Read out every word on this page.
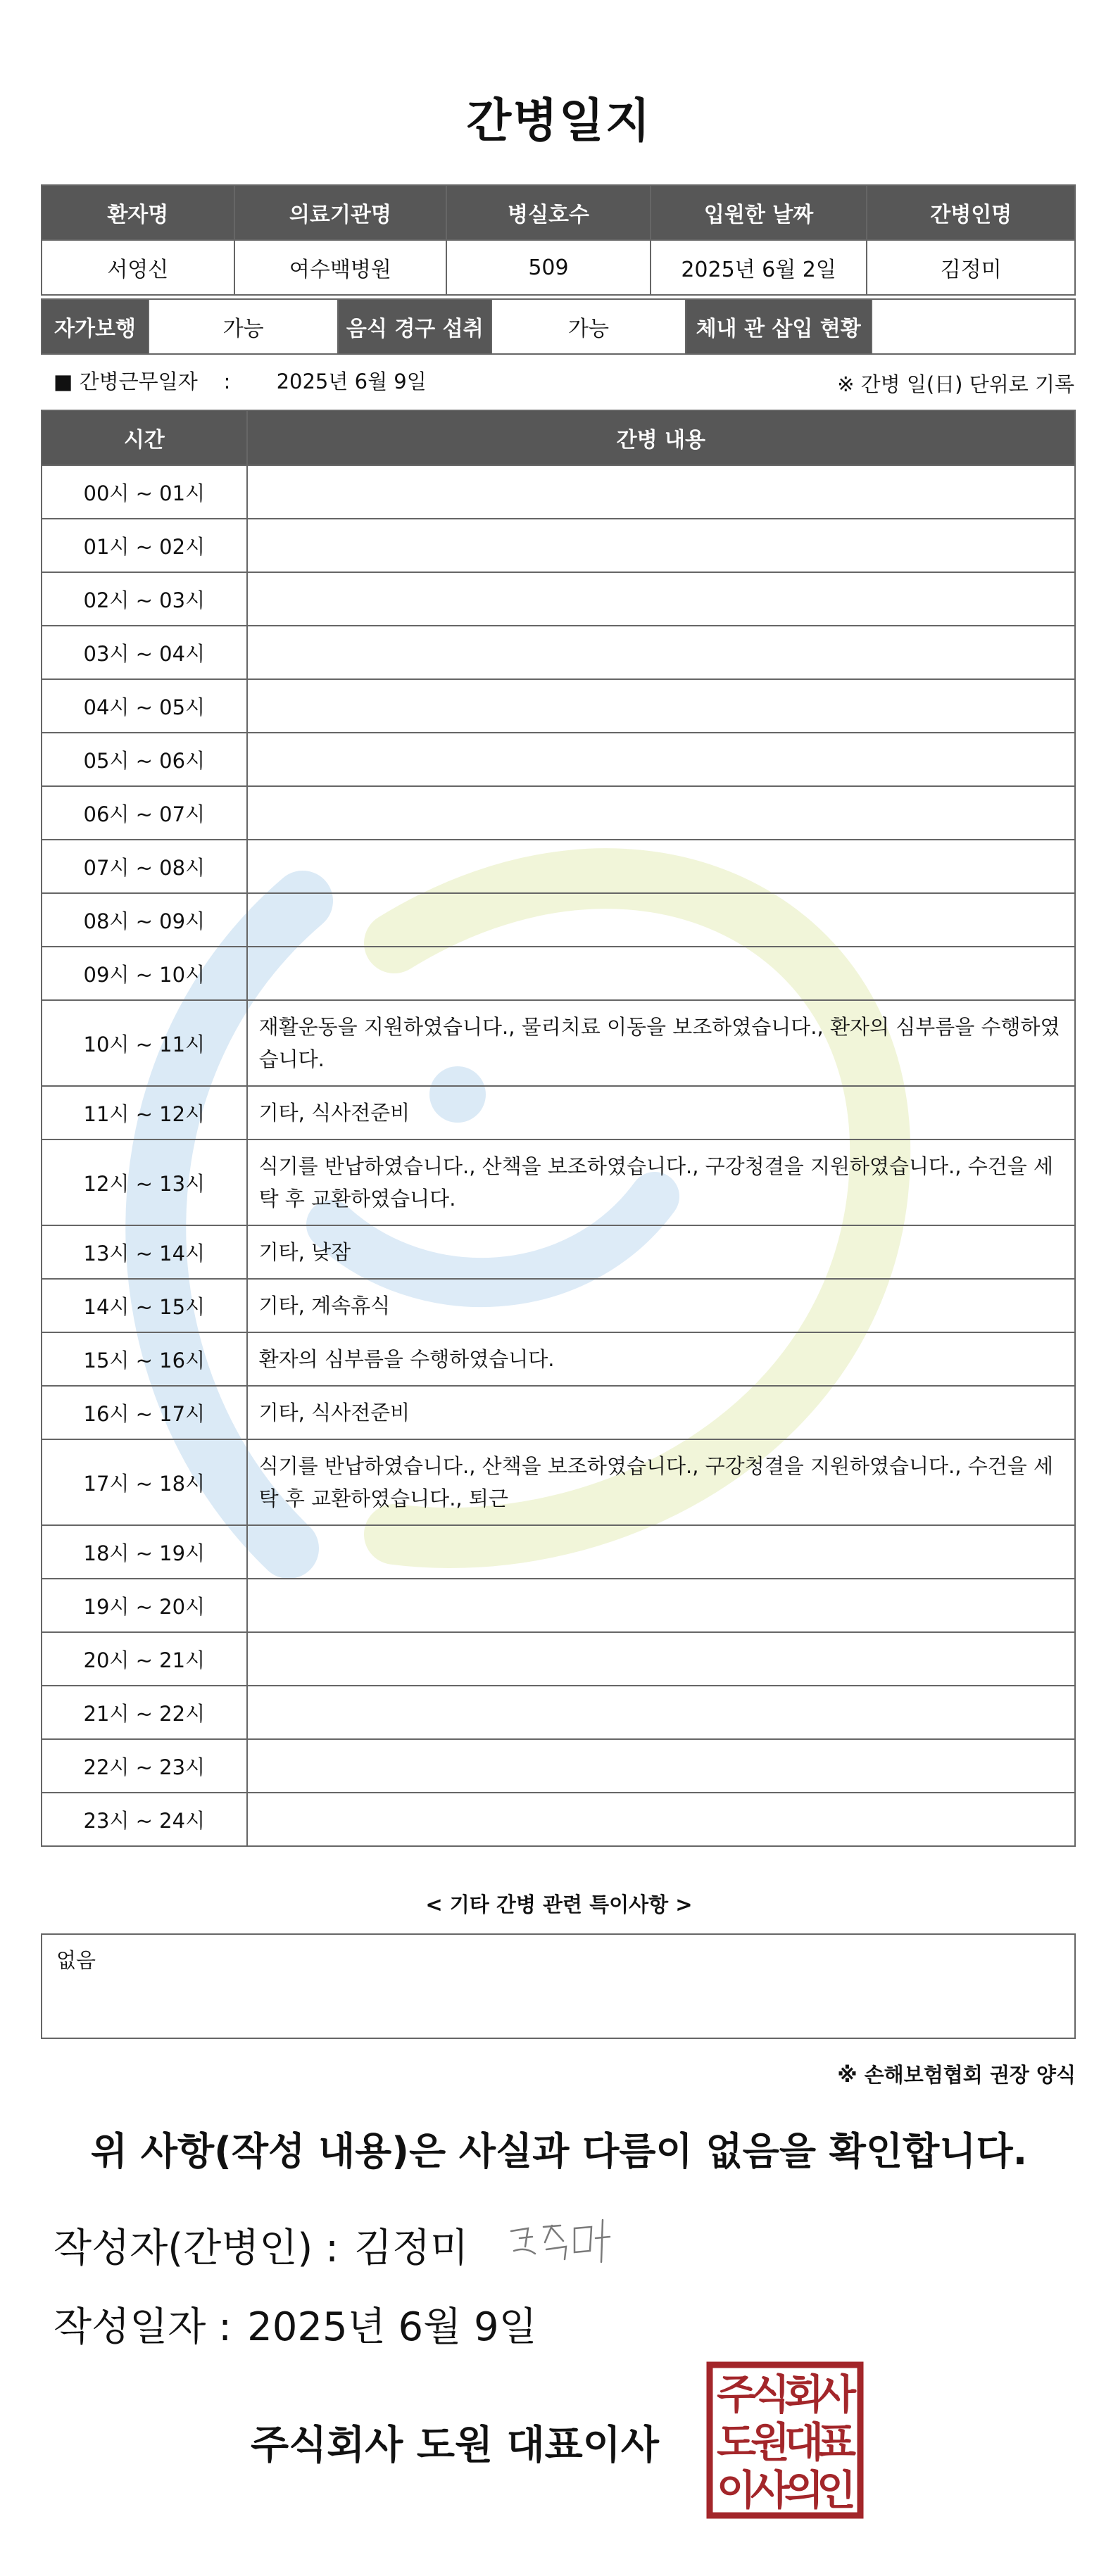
간병일지
환자명	의료기관명	병실호수	입원한 날짜	간병인명
서영신	여수백병원	509	2025년 6월 2일	김정미
자가보행	가능	음식 경구 섭취	가능	체내 관 삽입 현황	
■ 간병근무일자 : 2025년 6월 9일	※ 간병 일(日) 단위로 기록
시간	간병 내용
00시 ~ 01시	
01시 ~ 02시	
02시 ~ 03시	
03시 ~ 04시	
04시 ~ 05시	
05시 ~ 06시	
06시 ~ 07시	
07시 ~ 08시	
08시 ~ 09시	
09시 ~ 10시	
10시 ~ 11시	재활운동을 지원하였습니다., 물리치료 이동을 보조하였습니다., 환자의 심부름을 수행하였습니다.
11시 ~ 12시	기타, 식사전준비
12시 ~ 13시	식기를 반납하였습니다., 산책을 보조하였습니다., 구강청결을 지원하였습니다., 수건을 세탁 후 교환하였습니다.
13시 ~ 14시	기타, 낮잠
14시 ~ 15시	기타, 계속휴식
15시 ~ 16시	환자의 심부름을 수행하였습니다.
16시 ~ 17시	기타, 식사전준비
17시 ~ 18시	식기를 반납하였습니다., 산책을 보조하였습니다., 구강청결을 지원하였습니다., 수건을 세탁 후 교환하였습니다., 퇴근
18시 ~ 19시	
19시 ~ 20시	
20시 ~ 21시	
21시 ~ 22시	
22시 ~ 23시	
23시 ~ 24시	
< 기타 간병 관련 특이사항 >
없음
※ 손해보험협회 권장 양식
위 사항(작성 내용)은 사실과 다름이 없음을 확인합니다.
작성자(간병인) : 김정미
작성일자 : 2025년 6월 9일
주식회사 도원 대표이사
주
식
회
사
도
원
대
표
이
사
의
인
